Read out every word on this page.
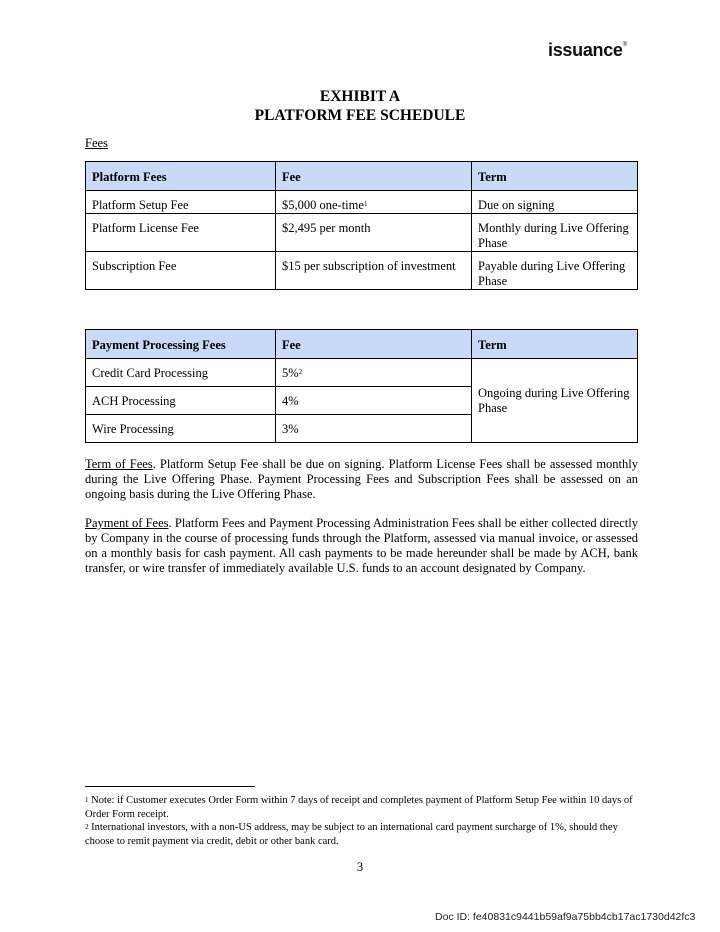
issuance®
EXHIBIT A
PLATFORM FEE SCHEDULE
Fees
Platform Fees	Fee	Term
Platform Setup Fee	$5,000 one-time$^1$	Due on signing
Platform License Fee	$2,495 per month	Monthly during Live Offering Phase
Subscription Fee	$15 per subscription of investment	Payable during Live Offering Phase
Payment Processing Fees	Fee	Term
Credit Card Processing	5%$^2$	Ongoing during Live Offering Phase
ACH Processing	4%	
Wire Processing	3%	
Term of Fees. Platform Setup Fee shall be due on signing. Platform License Fees shall be assessed monthly during the Live Offering Phase. Payment Processing Fees and Subscription Fees shall be assessed on an ongoing basis during the Live Offering Phase.
Payment of Fees. Platform Fees and Payment Processing Administration Fees shall be either collected directly by Company in the course of processing funds through the Platform, assessed via manual invoice, or assessed on a monthly basis for cash payment. All cash payments to be made hereunder shall be made by ACH, bank transfer, or wire transfer of immediately available U.S. funds to an account designated by Company.
$^1$ Note: if Customer executes Order Form within 7 days of receipt and completes payment of Platform Setup Fee within 10 days of Order Form receipt.
$^2$ International investors, with a non-US address, may be subject to an international card payment surcharge of 1%, should they choose to remit payment via credit, debit or other bank card.
3
Doc ID: fe40831c9441b59af9a75bb4cb17ac1730d42fc3
